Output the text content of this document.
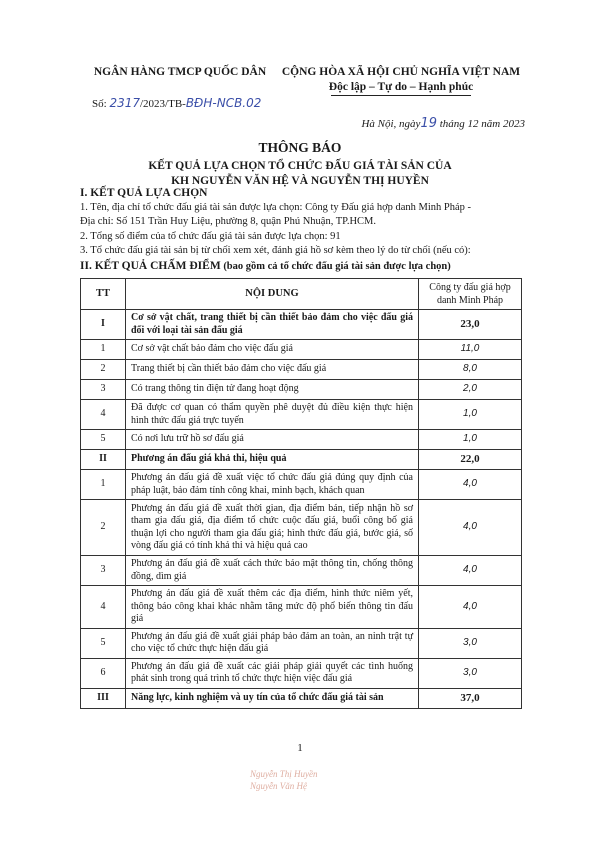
NGÂN HÀNG TMCP QUỐC DÂN	CỘNG HÒA XÃ HỘI CHỦ NGHĨA VIỆT NAM
Độc lập – Tự do – Hạnh phúc
Số: 2317/2023/TB-BĐH-NCB.02
Hà Nội, ngày19 tháng 12 năm 2023
THÔNG BÁO
KẾT QUẢ LỰA CHỌN TỔ CHỨC ĐẤU GIÁ TÀI SẢN CỦA
KH NGUYỄN VĂN HỆ VÀ NGUYỄN THỊ HUYỀN
I. KẾT QUẢ LỰA CHỌN
1. Tên, địa chỉ tổ chức đấu giá tài sản được lựa chọn: Công ty Đấu giá hợp danh Minh Pháp -
Địa chỉ: Số 151 Trần Huy Liệu, phường 8, quận Phú Nhuận, TP.HCM.
2. Tổng số điểm của tổ chức đấu giá tài sản được lựa chọn: 91
3. Tổ chức đấu giá tài sản bị từ chối xem xét, đánh giá hồ sơ kèm theo lý do từ chối (nếu có):
II. KẾT QUẢ CHẤM ĐIỂM (bao gồm cả tổ chức đấu giá tài sản được lựa chọn)
TT	NỘI DUNG	Công ty đấu giá hợp danh Minh Pháp
I	Cơ sở vật chất, trang thiết bị cần thiết bảo đảm cho việc đấu giá đối với loại tài sản đấu giá	23,0
1	Cơ sở vật chất bảo đảm cho việc đấu giá	11,0
2	Trang thiết bị cần thiết bảo đảm cho việc đấu giá	8,0
3	Có trang thông tin điện tử đang hoạt động	2,0
4	Đã được cơ quan có thẩm quyền phê duyệt đủ điều kiện thực hiện hình thức đấu giá trực tuyến	1,0
5	Có nơi lưu trữ hồ sơ đấu giá	1,0
II	Phương án đấu giá khả thi, hiệu quả	22,0
1	Phương án đấu giá đề xuất việc tổ chức đấu giá đúng quy định của pháp luật, bảo đảm tính công khai, minh bạch, khách quan	4,0
2	Phương án đấu giá đề xuất thời gian, địa điểm bán, tiếp nhận hồ sơ tham gia đấu giá, địa điểm tổ chức cuộc đấu giá, buổi công bố giá thuận lợi cho người tham gia đấu giá; hình thức đấu giá, bước giá, số vòng đấu giá có tính khả thi và hiệu quả cao	4,0
3	Phương án đấu giá đề xuất cách thức bảo mật thông tin, chống thông đồng, dìm giá	4,0
4	Phương án đấu giá đề xuất thêm các địa điểm, hình thức niêm yết, thông báo công khai khác nhằm tăng mức độ phổ biến thông tin đấu giá	4,0
5	Phương án đấu giá đề xuất giải pháp bảo đảm an toàn, an ninh trật tự cho việc tổ chức thực hiện đấu giá	3,0
6	Phương án đấu giá đề xuất các giải pháp giải quyết các tình huống phát sinh trong quá trình tổ chức thực hiện việc đấu giá	3,0
III	Năng lực, kinh nghiệm và uy tín của tổ chức đấu giá tài sản	37,0
1
Nguyễn Thị Huyền
Nguyễn Văn Hệ
